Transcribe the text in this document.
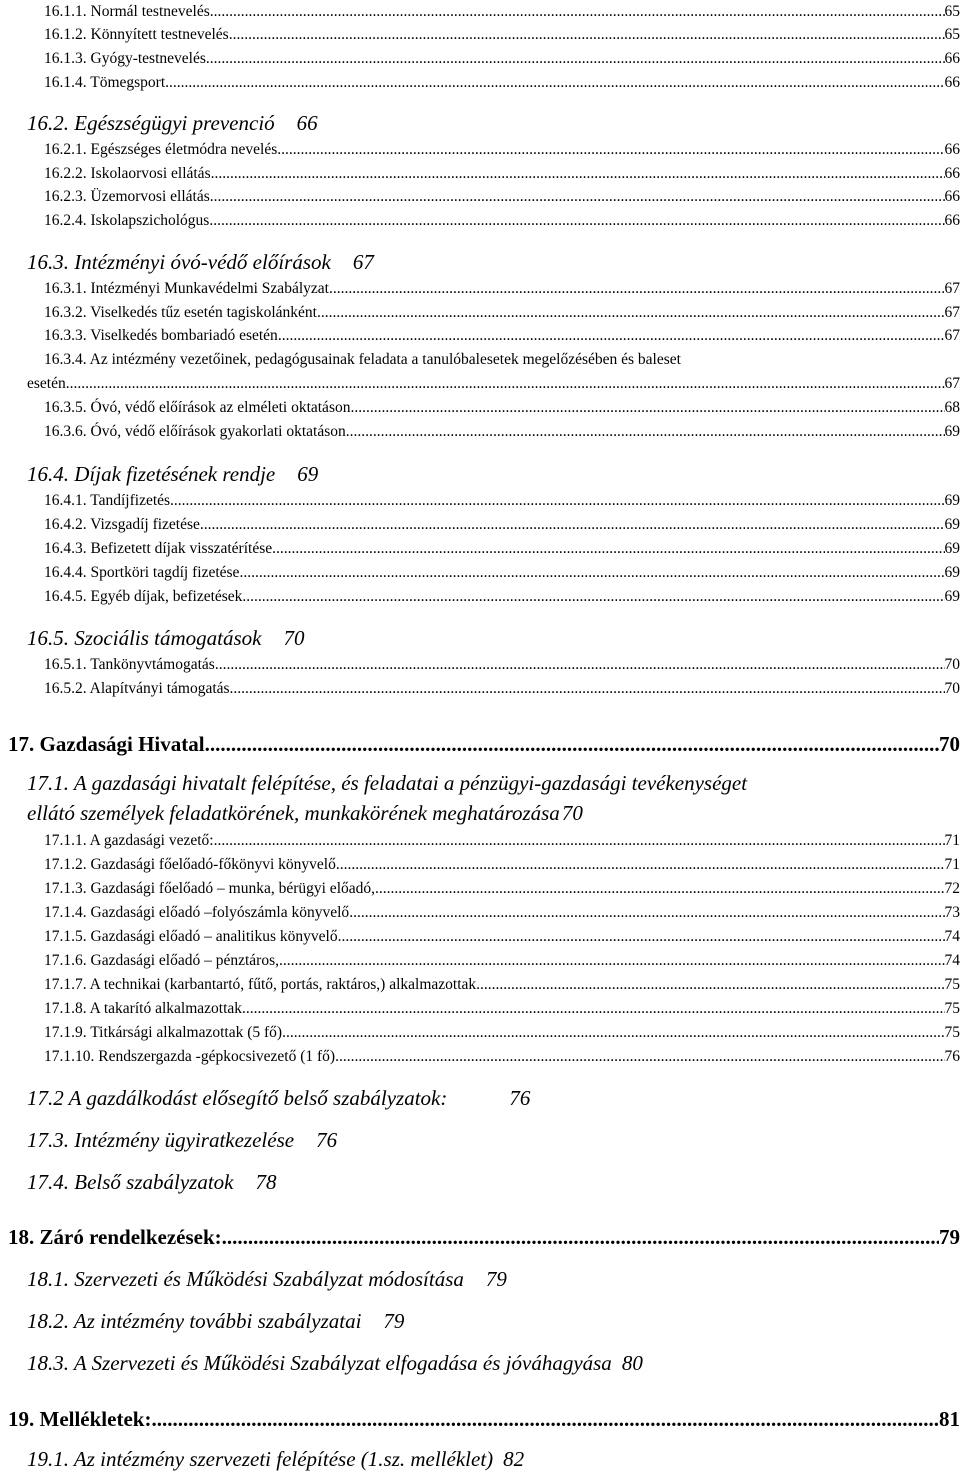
16.1.1. Normál testnevelés .....	65
16.1.2. Könnyített testnevelés .....	65
16.1.3. Gyógy-testnevelés .....	66
16.1.4. Tömegsport .....	66
16.2. Egészségügyi prevenció 66
16.2.1. Egészséges életmódra nevelés .....	66
16.2.2. Iskolaorvosi ellátás .....	66
16.2.3. Üzemorvosi ellátás .....	66
16.2.4. Iskolapszichológus .....	66
16.3. Intézményi óvó-védő előírások 67
16.3.1. Intézményi Munkavédelmi Szabályzat .....	67
16.3.2. Viselkedés tűz esetén tagiskolánként .....	67
16.3.3. Viselkedés bombariadó esetén .....	67
16.3.4. Az intézmény vezetőinek, pedagógusainak feladata a tanulóbalesetek megelőzésében és baleset
esetén .....	67
16.3.5. Óvó, védő előírások az elméleti oktatáson .....	68
16.3.6. Óvó, védő előírások gyakorlati oktatáson .....	69
16.4. Díjak fizetésének rendje 69
16.4.1. Tandíjfizetés .....	69
16.4.2. Vizsgadíj fizetése .....	69
16.4.3. Befizetett díjak visszatérítése .....	69
16.4.4. Sportköri tagdíj fizetése .....	69
16.4.5. Egyéb díjak, befizetések .....	69
16.5. Szociális támogatások 70
16.5.1. Tankönyvtámogatás .....	70
16.5.2. Alapítványi támogatás .....	70
17. Gazdasági Hivatal .....	70
17.1. A gazdasági hivatalt felépítése, és feladatai a pénzügyi-gazdasági tevékenységet
ellátó személyek feladatkörének, munkakörének meghatározása70
17.1.1. A gazdasági vezető: .....	71
17.1.2. Gazdasági főelőadó-főkönyvi könyvelő .....	71
17.1.3. Gazdasági főelőadó – munka, bérügyi előadó, .....	72
17.1.4. Gazdasági előadó –folyószámla könyvelő .....	73
17.1.5. Gazdasági előadó – analitikus könyvelő .....	74
17.1.6. Gazdasági előadó – pénztáros, .....	74
17.1.7. A technikai (karbantartó, fűtő, portás, raktáros,) alkalmazottak .....	75
17.1.8. A takarító alkalmazottak .....	75
17.1.9. Titkársági alkalmazottak (5 fő) .....	75
17.1.10. Rendszergazda -gépkocsivezető (1 fő) .....	76
17.2 A gazdálkodást elősegítő belső szabályzatok:	76
17.3. Intézmény ügyiratkezelése 76
17.4. Belső szabályzatok 78
18. Záró rendelkezések: .....	79
18.1. Szervezeti és Működési Szabályzat módosítása 79
18.2. Az intézmény további szabályzatai 79
18.3. A Szervezeti és Működési Szabályzat elfogadása és jóváhagyása 80
19. Mellékletek: .....	81
19.1. Az intézmény szervezeti felépítése (1.sz. melléklet) 82
